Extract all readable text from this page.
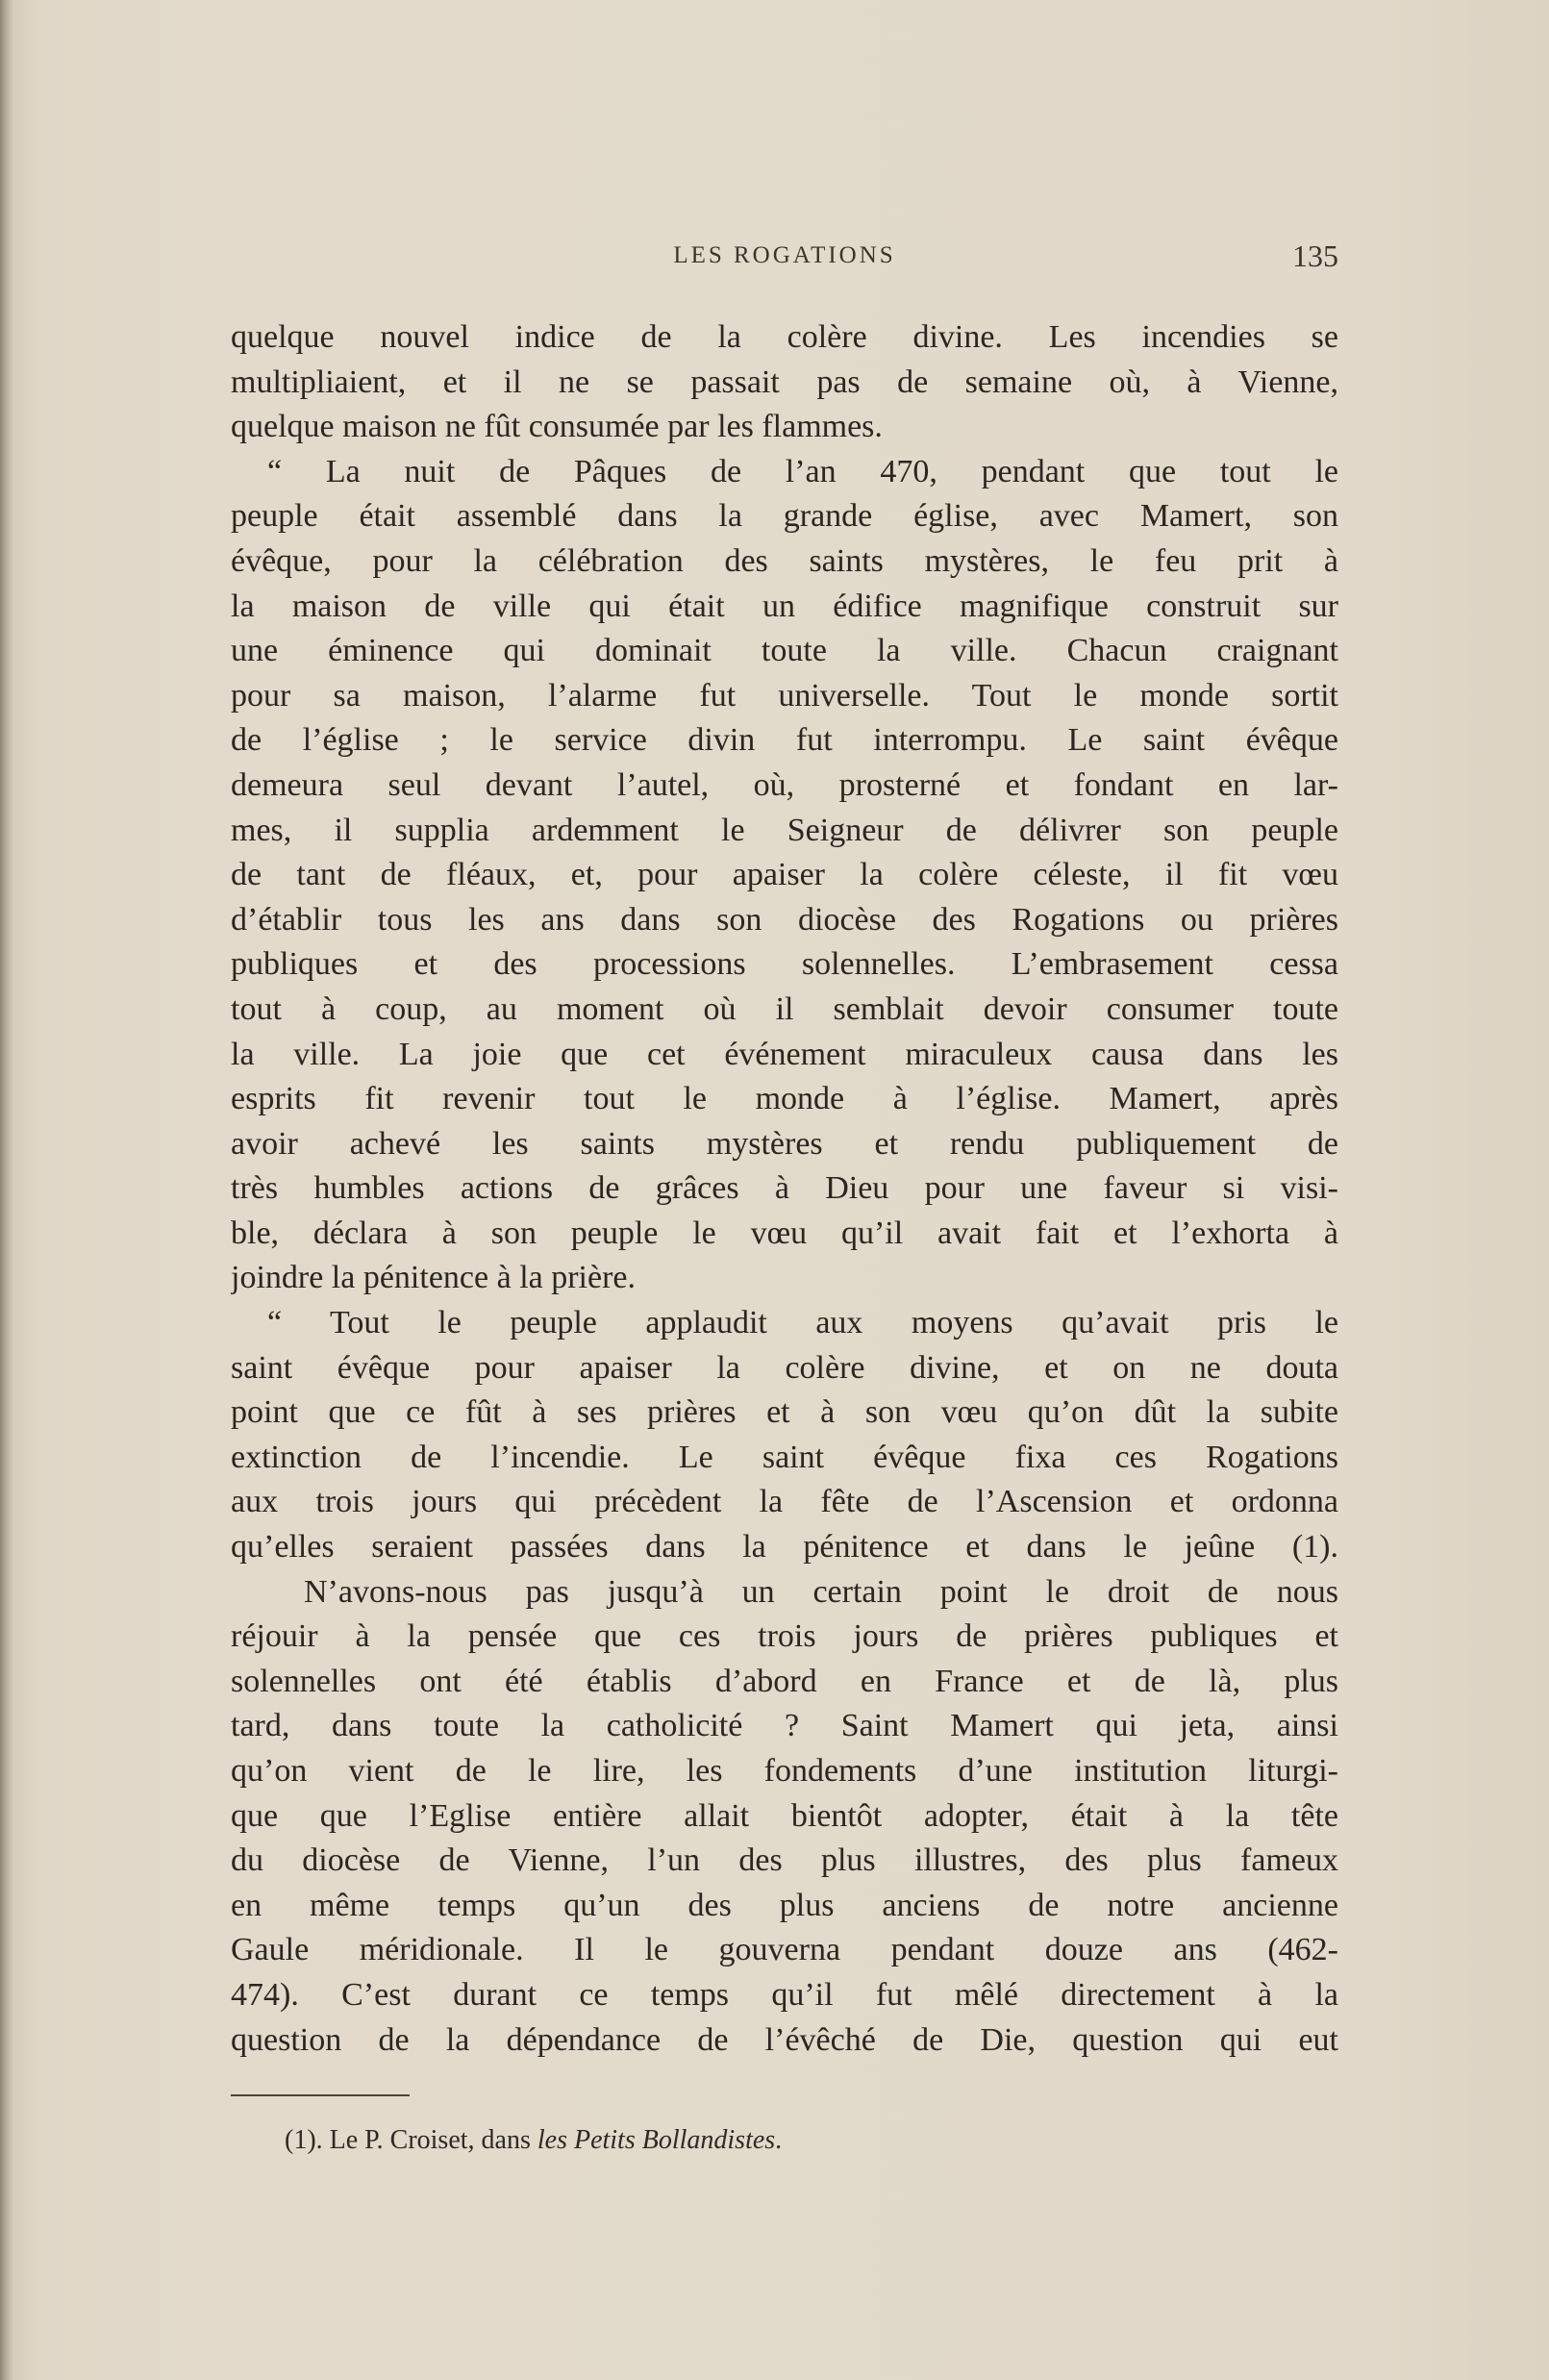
LES ROGATIONS	135
quelque nouvel indice de la colère divine. Les incendies se
multipliaient, et il ne se passait pas de semaine où, à Vienne,
quelque maison ne fût consumée par les flammes.
“ La nuit de Pâques de l’an 470, pendant que tout le
peuple était assemblé dans la grande église, avec Mamert, son
évêque, pour la célébration des saints mystères, le feu prit à
la maison de ville qui était un édifice magnifique construit sur
une éminence qui dominait toute la ville. Chacun craignant
pour sa maison, l’alarme fut universelle. Tout le monde sortit
de l’église ; le service divin fut interrompu. Le saint évêque
demeura seul devant l’autel, où, prosterné et fondant en lar-
mes, il supplia ardemment le Seigneur de délivrer son peuple
de tant de fléaux, et, pour apaiser la colère céleste, il fit vœu
d’établir tous les ans dans son diocèse des Rogations ou prières
publiques et des processions solennelles. L’embrasement cessa
tout à coup, au moment où il semblait devoir consumer toute
la ville. La joie que cet événement miraculeux causa dans les
esprits fit revenir tout le monde à l’église. Mamert, après
avoir achevé les saints mystères et rendu publiquement de
très humbles actions de grâces à Dieu pour une faveur si visi-
ble, déclara à son peuple le vœu qu’il avait fait et l’exhorta à
joindre la pénitence à la prière.
“ Tout le peuple applaudit aux moyens qu’avait pris le
saint évêque pour apaiser la colère divine, et on ne douta
point que ce fût à ses prières et à son vœu qu’on dût la subite
extinction de l’incendie. Le saint évêque fixa ces Rogations
aux trois jours qui précèdent la fête de l’Ascension et ordonna
qu’elles seraient passées dans la pénitence et dans le jeûne (1).
N’avons-nous pas jusqu’à un certain point le droit de nous
réjouir à la pensée que ces trois jours de prières publiques et
solennelles ont été établis d’abord en France et de là, plus
tard, dans toute la catholicité ? Saint Mamert qui jeta, ainsi
qu’on vient de le lire, les fondements d’une institution liturgi-
que que l’Eglise entière allait bientôt adopter, était à la tête
du diocèse de Vienne, l’un des plus illustres, des plus fameux
en même temps qu’un des plus anciens de notre ancienne
Gaule méridionale. Il le gouverna pendant douze ans (462-
474). C’est durant ce temps qu’il fut mêlé directement à la
question de la dépendance de l’évêché de Die, question qui eut
(1). Le P. Croiset, dans les Petits Bollandistes.
